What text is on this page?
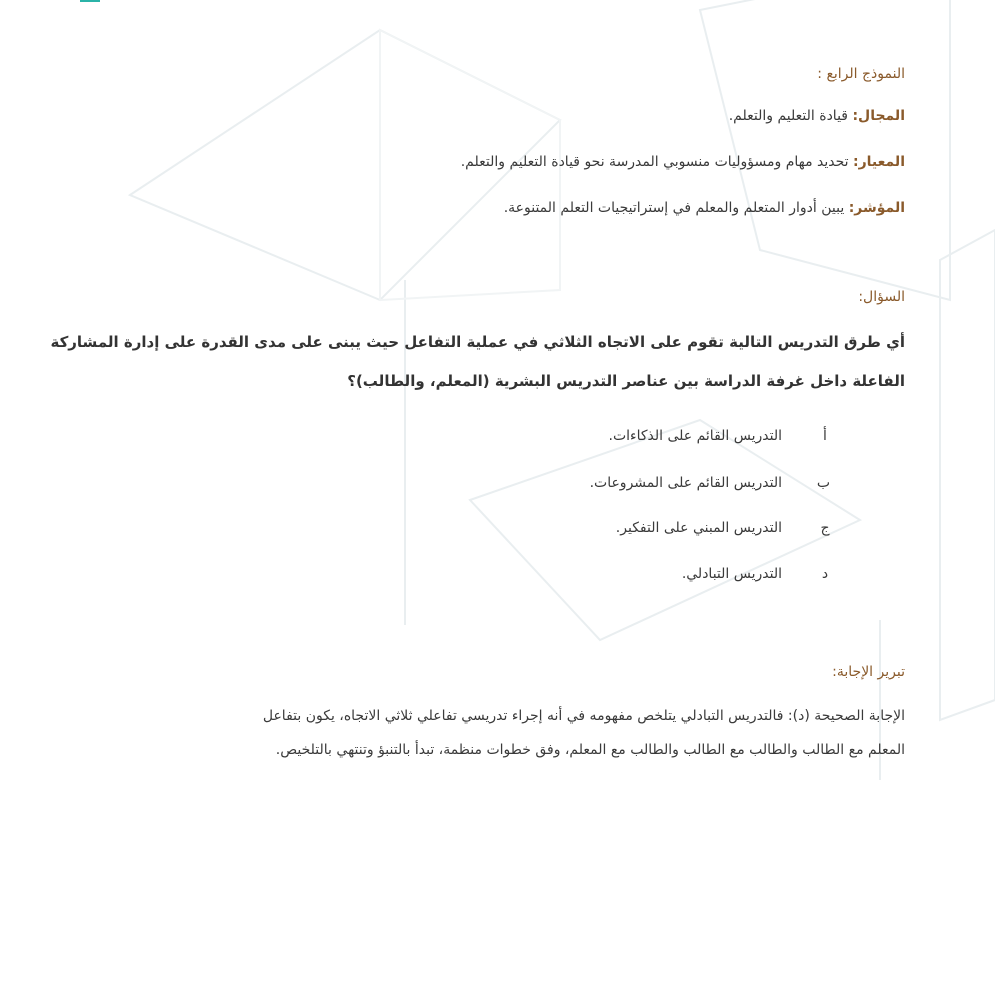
النموذج الرابع :

المجال: قيادة التعليم والتعلم.

المعيار: تحديد مهام ومسؤوليات منسوبي المدرسة نحو قيادة التعليم والتعلم.

المؤشر: يبين أدوار المتعلم والمعلم في إستراتيجيات التعلم المتنوعة.

السؤال:

أي طرق التدريس التالية تقوم على الاتجاه الثلاثي في عملية التفاعل حيث يبنى على مدى القدرة على إدارة المشاركة

الفاعلة داخل غرفة الدراسة بين عناصر التدريس البشرية (المعلم، والطالب)؟

أ
التدريس القائم على الذكاءات.
ب
التدريس القائم على المشروعات.
ج
التدريس المبني على التفكير.
د
التدريس التبادلي.

تبرير الإجابة:

الإجابة الصحيحة (د): فالتدريس التبادلي يتلخص مفهومه في أنه إجراء تدريسي تفاعلي ثلاثي الاتجاه، يكون بتفاعل

المعلم مع الطالب والطالب مع الطالب والطالب مع المعلم، وفق خطوات منظمة، تبدأ بالتنبؤ وتنتهي بالتلخيص.
